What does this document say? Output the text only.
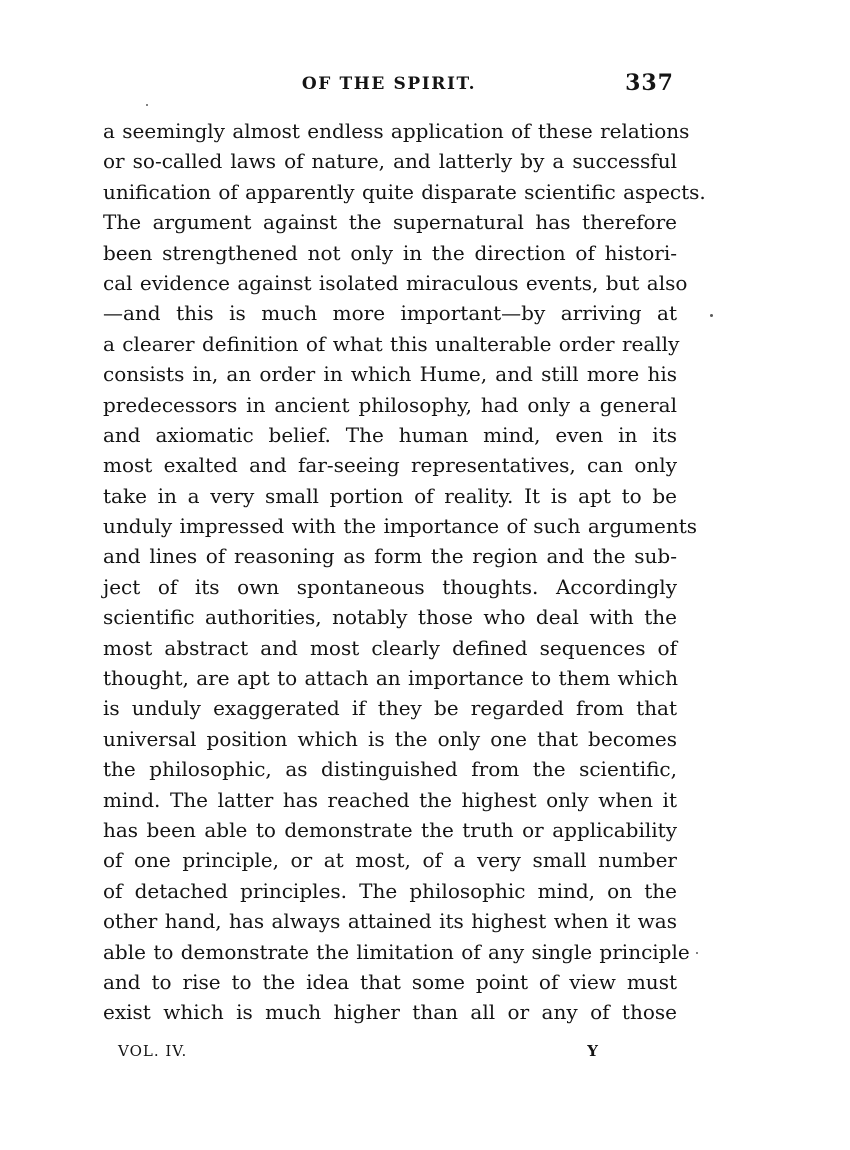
OF THE SPIRIT.	337
a seemingly almost endless application of these relations
or so-called laws of nature, and latterly by a successful
unification of apparently quite disparate scientific aspects.
The argument against the supernatural has therefore
been strengthened not only in the direction of histori-
cal evidence against isolated miraculous events, but also
—and this is much more important—by arriving at
a clearer definition of what this unalterable order really
consists in, an order in which Hume, and still more his
predecessors in ancient philosophy, had only a general
and axiomatic belief. The human mind, even in its
most exalted and far-seeing representatives, can only
take in a very small portion of reality. It is apt to be
unduly impressed with the importance of such arguments
and lines of reasoning as form the region and the sub-
ject of its own spontaneous thoughts. Accordingly
scientific authorities, notably those who deal with the
most abstract and most clearly defined sequences of
thought, are apt to attach an importance to them which
is unduly exaggerated if they be regarded from that
universal position which is the only one that becomes
the philosophic, as distinguished from the scientific,
mind. The latter has reached the highest only when it
has been able to demonstrate the truth or applicability
of one principle, or at most, of a very small number
of detached principles. The philosophic mind, on the
other hand, has always attained its highest when it was
able to demonstrate the limitation of any single principle
and to rise to the idea that some point of view must
exist which is much higher than all or any of those
VOL. IV.	Y
